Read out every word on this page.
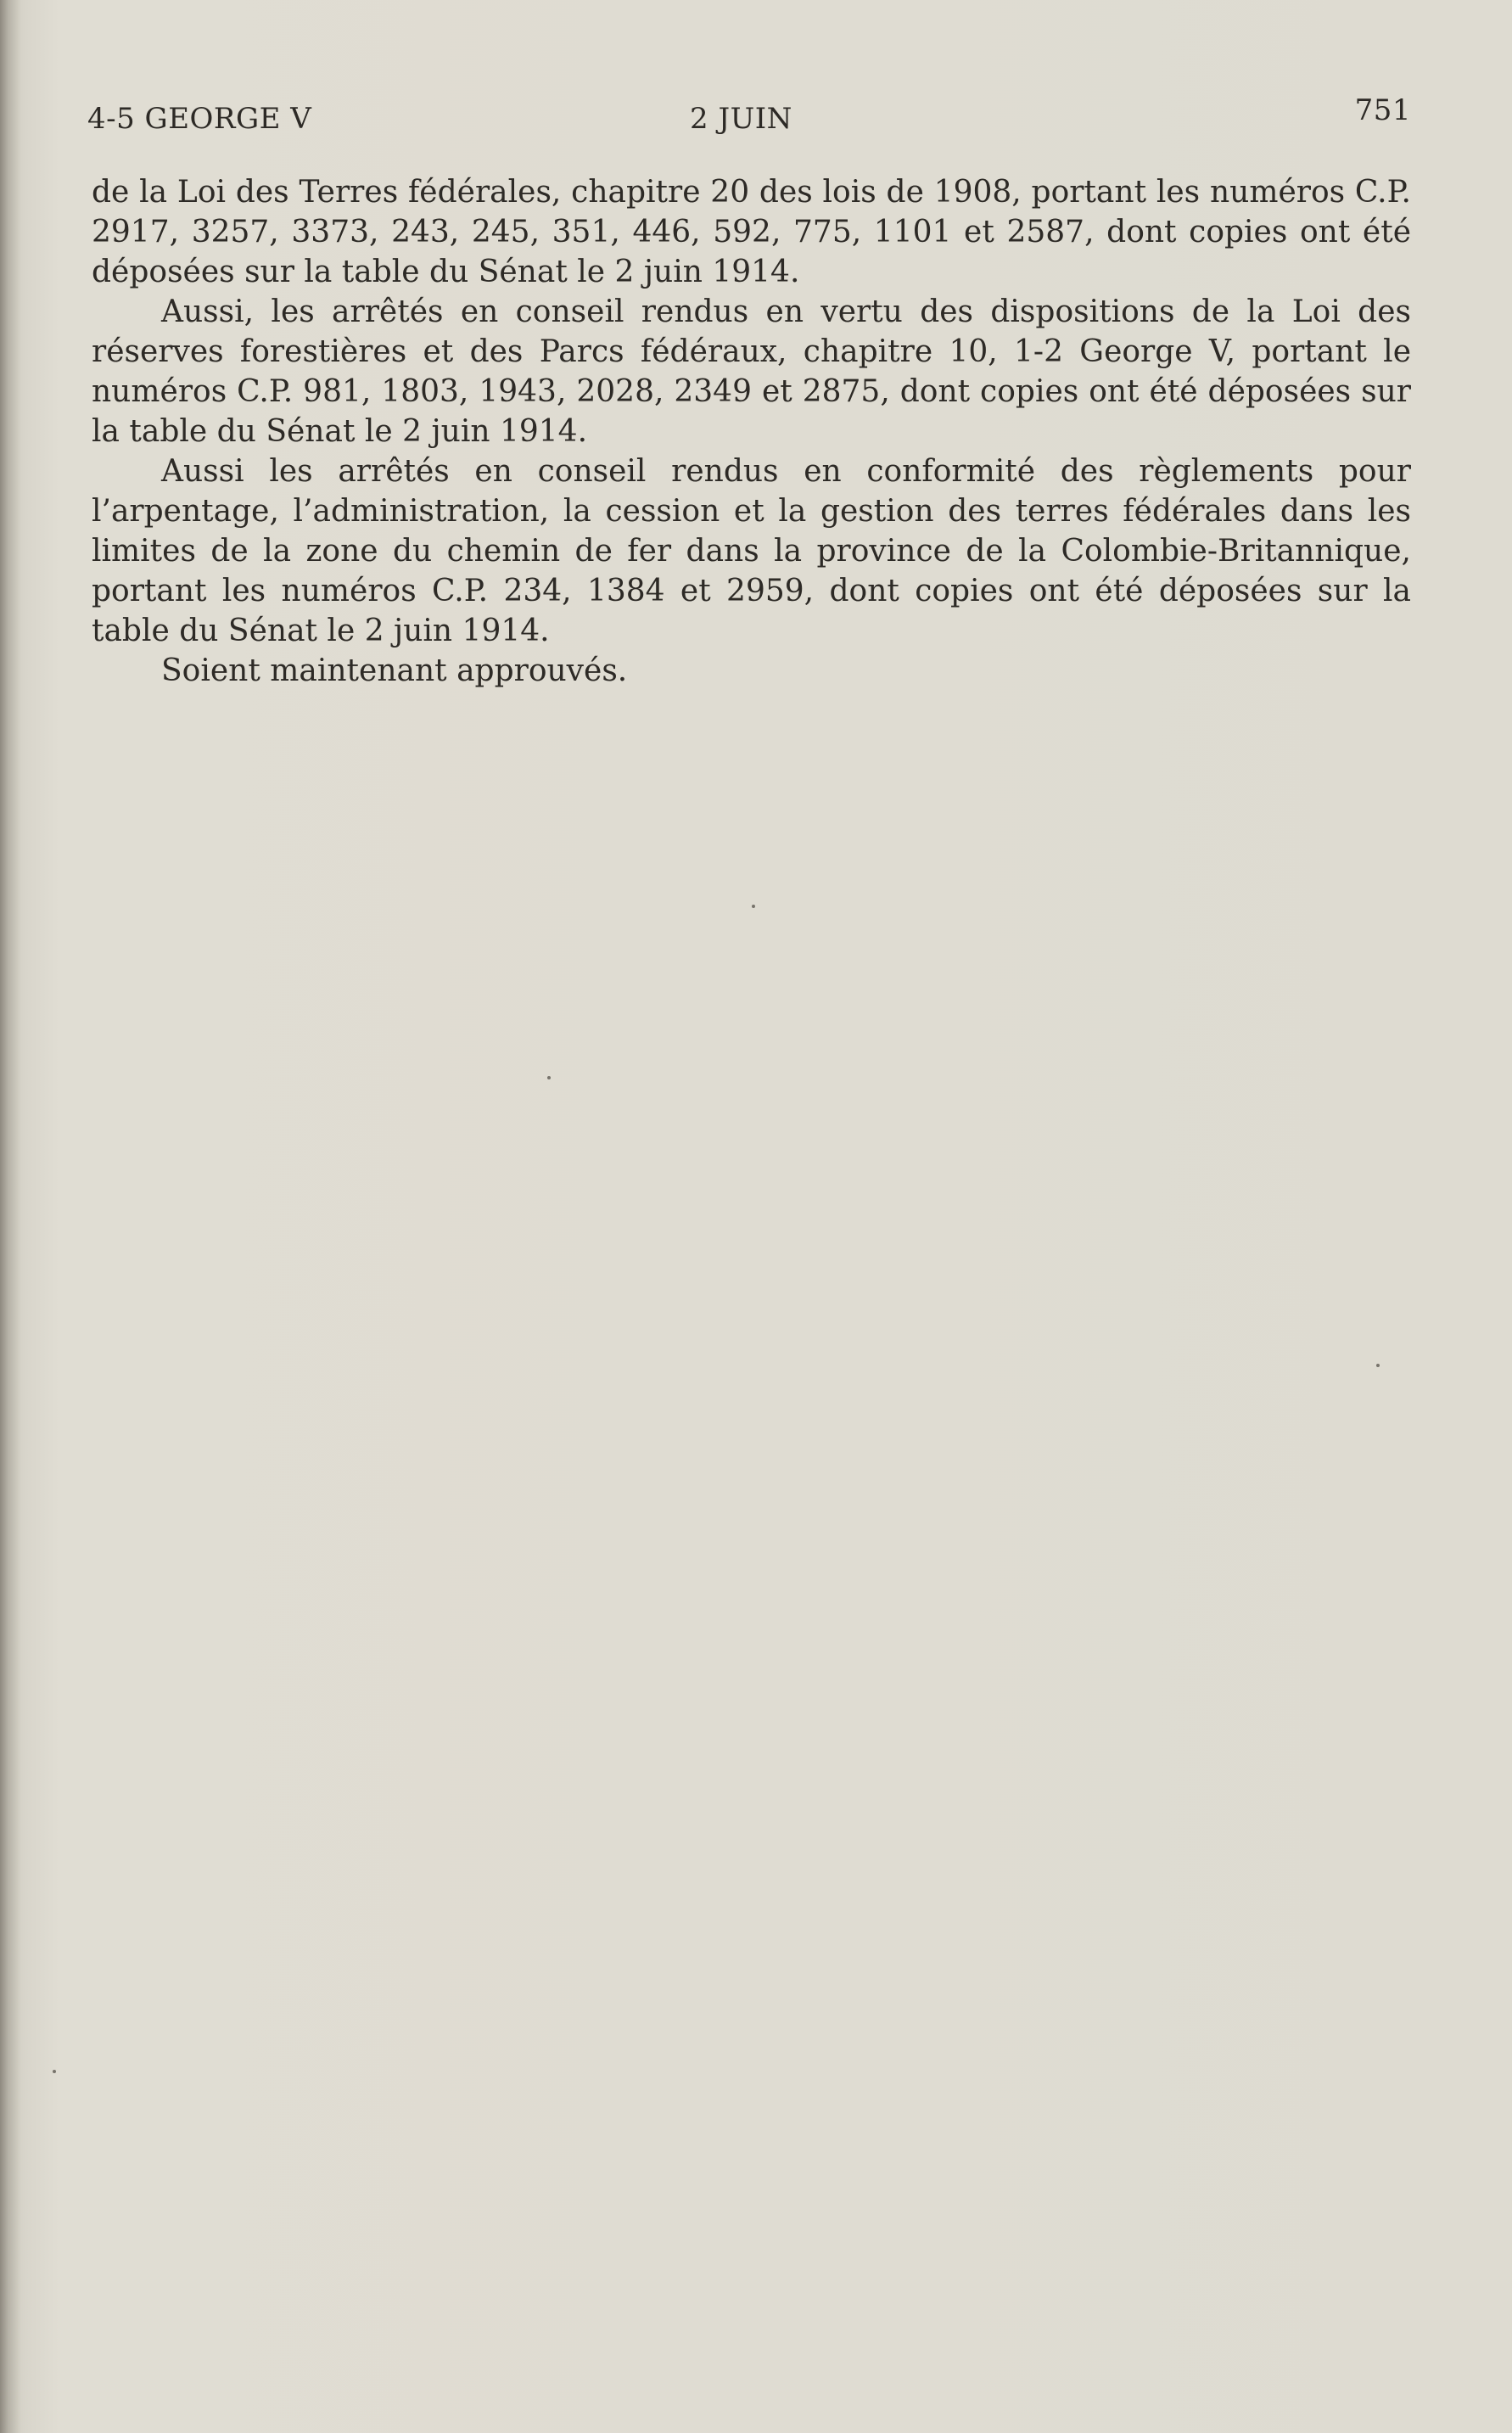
4-5 GEORGE V	2 JUIN	751

de la Loi des Terres fédérales, chapitre 20 des lois de 1908, portant les numéros C.P. 2917, 3257, 3373, 243, 245, 351, 446, 592, 775, 1101 et 2587, dont copies ont été déposées sur la table du Sénat le 2 juin 1914.

Aussi, les arrêtés en conseil rendus en vertu des dispositions de la Loi des réserves forestières et des Parcs fédéraux, chapitre 10, 1-2 George V, portant le numéros C.P. 981, 1803, 1943, 2028, 2349 et 2875, dont copies ont été déposées sur la table du Sénat le 2 juin 1914.

Aussi les arrêtés en conseil rendus en conformité des règlements pour l’arpentage, l’administration, la cession et la gestion des terres fédérales dans les limites de la zone du chemin de fer dans la province de la Colombie-Britannique, portant les numéros C.P. 234, 1384 et 2959, dont copies ont été déposées sur la table du Sénat le 2 juin 1914.

Soient maintenant approuvés.
